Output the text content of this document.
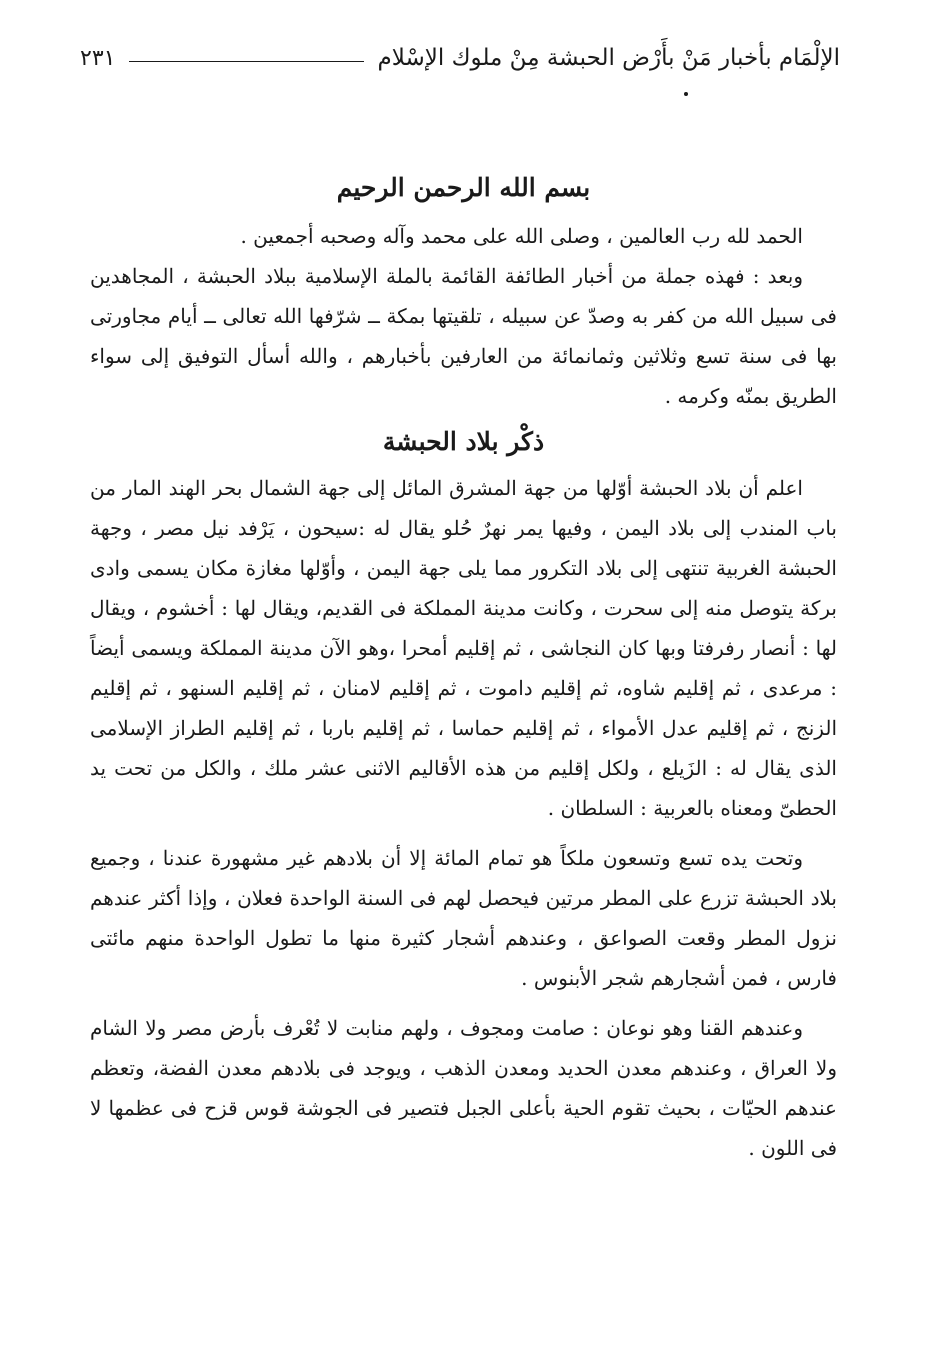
الإلْمَام بأخبار مَنْ بأَرْض الحبشة مِنْ ملوك الإسْلام
٢٣١
بسم الله الرحمن الرحيم

الحمد لله رب العالمين ، وصلى الله على محمد وآله وصحبه أجمعين .

وبعد : فهذه جملة من أخبار الطائفة القائمة بالملة الإسلامية ببلاد الحبشة ، المجاهدين فى سبيل الله من كفر به وصدّ عن سبيله ، تلقيتها بمكة ــ شرّفها الله تعالى ــ أيام مجاورتى بها فى سنة تسع وثلاثين وثمانمائة من العارفين بأخبارهم ، والله أسأل التوفيق إلى سواء الطريق بمنّه وكرمه .

ذكْر بلاد الحبشة

اعلم أن بلاد الحبشة أوّلها من جهة المشرق المائل إلى جهة الشمال بحر الهند المار من باب المندب إلى بلاد اليمن ، وفيها يمر نهرٌ حُلو يقال له :سيحون ، يَرْفد نيل مصر ، وجهة الحبشة الغربية تنتهى إلى بلاد التكرور مما يلى جهة اليمن ، وأوّلها مغازة مكان يسمى وادى بركة يتوصل منه إلى سحرت ، وكانت مدينة المملكة فى القديم، ويقال لها : أخشوم ، ويقال لها : أنصار رفرفتا وبها كان النجاشى ، ثم إقليم أمحرا ،وهو الآن مدينة المملكة ويسمى أيضاً : مرعدى ، ثم إقليم شاوه، ثم إقليم داموت ، ثم إقليم لامنان ، ثم إقليم السنهو ، ثم إقليم الزنج ، ثم إقليم عدل الأمواء ، ثم إقليم حماسا ، ثم إقليم باربا ، ثم إقليم الطراز الإسلامى الذى يقال له : الزَيلع ، ولكل إقليم من هذه الأقاليم الاثنى عشر ملك ، والكل من تحت يد الحطىّ ومعناه بالعربية : السلطان .

وتحت يده تسع وتسعون ملكاً هو تمام المائة إلا أن بلادهم غير مشهورة عندنا ، وجميع بلاد الحبشة تزرع على المطر مرتين فيحصل لهم فى السنة الواحدة فعلان ، وإذا أكثر عندهم نزول المطر وقعت الصواعق ، وعندهم أشجار كثيرة منها ما تطول الواحدة منهم مائتى فارس ، فمن أشجارهم شجر الأبنوس .

وعندهم القنا وهو نوعان : صامت ومجوف ، ولهم منابت لا تُعْرف بأرض مصر ولا الشام ولا العراق ، وعندهم معدن الحديد ومعدن الذهب ، ويوجد فى بلادهم معدن الفضة، وتعظم عندهم الحيّات ، بحيث تقوم الحية بأعلى الجبل فتصير فى الجوشة قوس قزح فى عظمها لا فى اللون .
